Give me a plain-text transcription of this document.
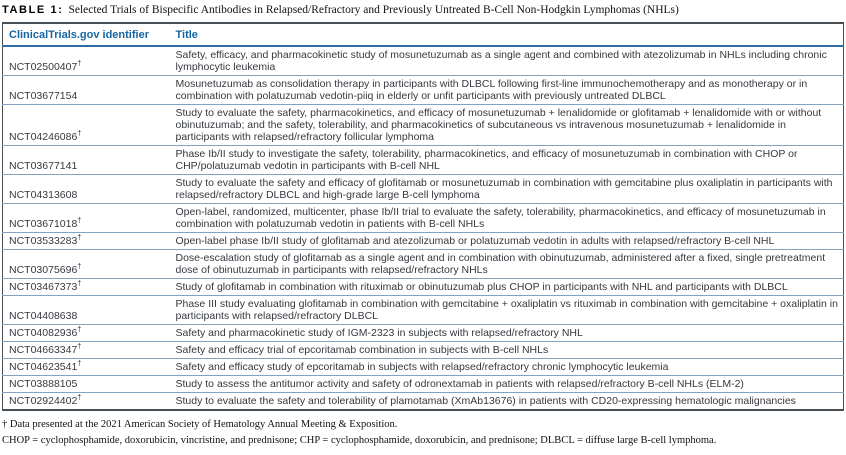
TABLE 1: Selected Trials of Bispecific Antibodies in Relapsed/Refractory and Previously Untreated B-Cell Non-Hodgkin Lymphomas (NHLs)
ClinicalTrials.gov identifier	Title
NCT02500407†	Safety, efficacy, and pharmacokinetic study of mosunetuzumab as a single agent and combined with atezolizumab in NHLs including chronic lymphocytic leukemia
NCT03677154	Mosunetuzumab as consolidation therapy in participants with DLBCL following first-line immunochemotherapy and as monotherapy or in combination with polatuzumab vedotin-piiq in elderly or unfit participants with previously untreated DLBCL
NCT04246086†	Study to evaluate the safety, pharmacokinetics, and efficacy of mosunetuzumab + lenalidomide or glofitamab + lenalidomide with or without obinutuzumab; and the safety, tolerability, and pharmacokinetics of subcutaneous vs intravenous mosunetuzumab + lenalidomide in participants with relapsed/refractory follicular lymphoma
NCT03677141	Phase Ib/II study to investigate the safety, tolerability, pharmacokinetics, and efficacy of mosunetuzumab in combination with CHOP or CHP/polatuzumab vedotin in participants with B-cell NHL
NCT04313608	Study to evaluate the safety and efficacy of glofitamab or mosunetuzumab in combination with gemcitabine plus oxaliplatin in participants with relapsed/refractory DLBCL and high-grade large B-cell lymphoma
NCT03671018†	Open-label, randomized, multicenter, phase Ib/II trial to evaluate the safety, tolerability, pharmacokinetics, and efficacy of mosunetuzumab in combination with polatuzumab vedotin in patients with B-cell NHLs
NCT03533283†	Open-label phase Ib/II study of glofitamab and atezolizumab or polatuzumab vedotin in adults with relapsed/refractory B-cell NHL
NCT03075696†	Dose-escalation study of glofitamab as a single agent and in combination with obinutuzumab, administered after a fixed, single pretreatment dose of obinutuzumab in participants with relapsed/refractory NHLs
NCT03467373†	Study of glofitamab in combination with rituximab or obinutuzumab plus CHOP in participants with NHL and participants with DLBCL
NCT04408638	Phase III study evaluating glofitamab in combination with gemcitabine + oxaliplatin vs rituximab in combination with gemcitabine + oxaliplatin in participants with relapsed/refractory DLBCL
NCT04082936†	Safety and pharmacokinetic study of IGM-2323 in subjects with relapsed/refractory NHL
NCT04663347†	Safety and efficacy trial of epcoritamab combination in subjects with B-cell NHLs
NCT04623541†	Safety and efficacy study of epcoritamab in subjects with relapsed/refractory chronic lymphocytic leukemia
NCT03888105	Study to assess the antitumor activity and safety of odronextamab in patients with relapsed/refractory B-cell NHLs (ELM-2)
NCT02924402†	Study to evaluate the safety and tolerability of plamotamab (XmAb13676) in patients with CD20-expressing hematologic malignancies
† Data presented at the 2021 American Society of Hematology Annual Meeting & Exposition.
CHOP = cyclophosphamide, doxorubicin, vincristine, and prednisone; CHP = cyclophosphamide, doxorubicin, and prednisone; DLBCL = diffuse large B-cell lymphoma.
